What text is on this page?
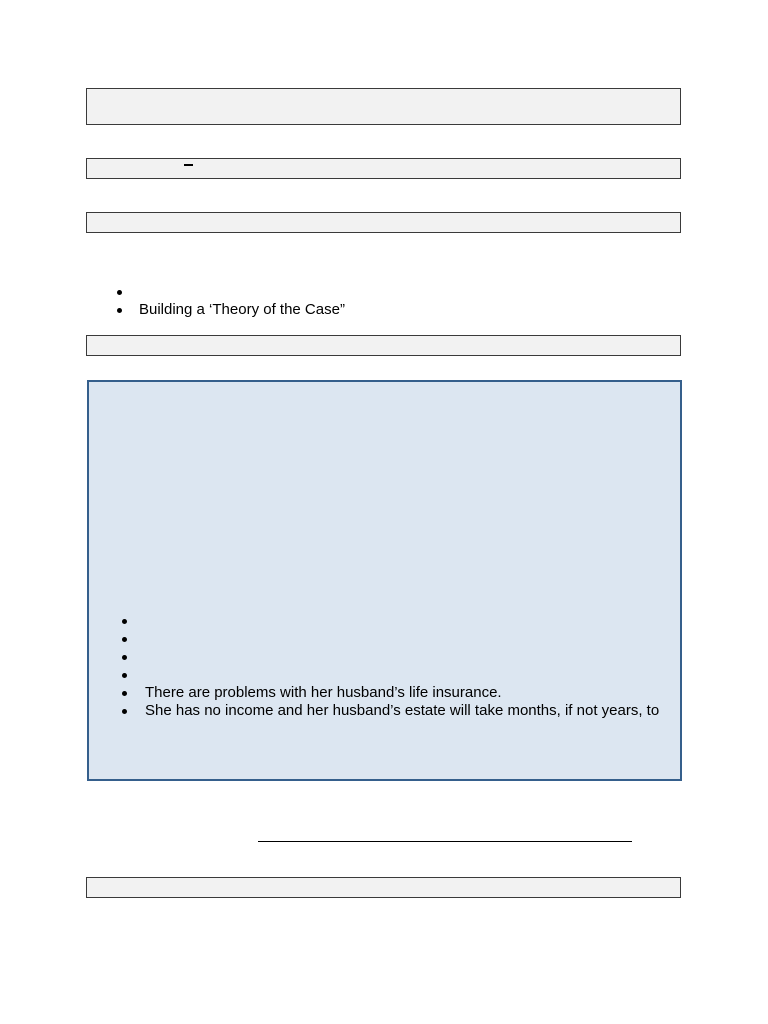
Building a ‘Theory of the Case”
There are problems with her husband’s life insurance.
She has no income and her husband’s estate will take months, if not years, to
